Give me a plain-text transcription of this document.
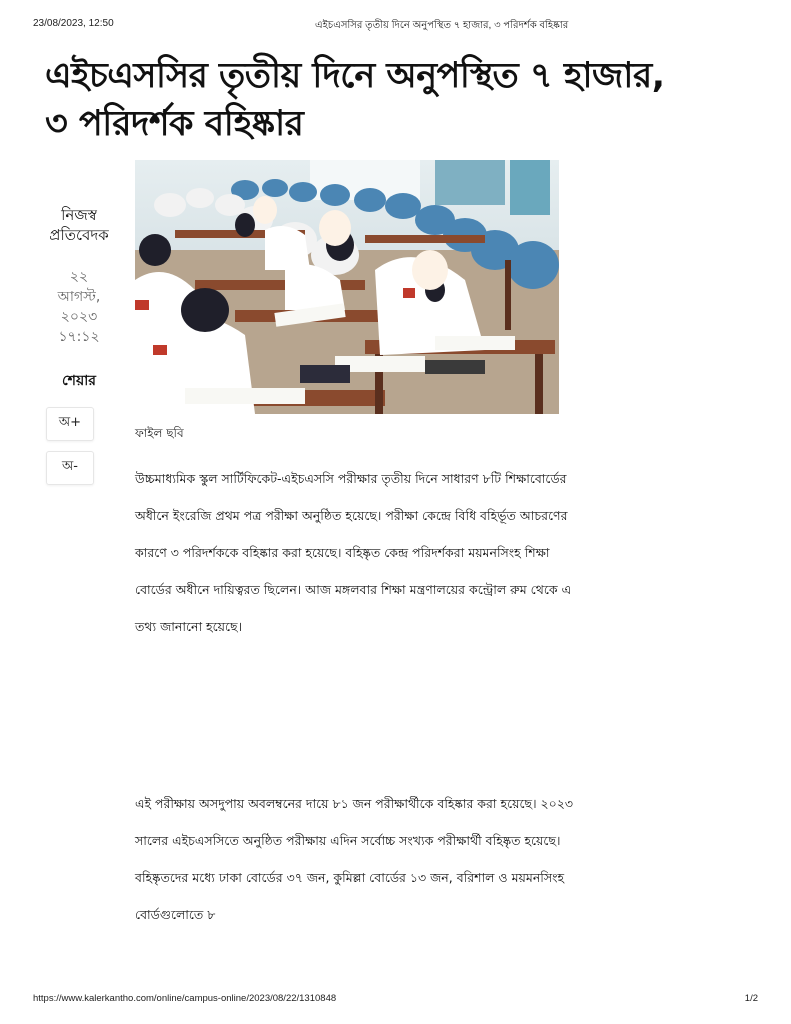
23/08/2023, 12:50	এইচএসসির তৃতীয় দিনে অনুপস্থিত ৭ হাজার, ৩ পরিদর্শক বহিষ্কার
এইচএসসির তৃতীয় দিনে অনুপস্থিত ৭ হাজার, ৩ পরিদর্শক বহিষ্কার
নিজস্ব প্রতিবেদক
২২
আগস্ট,
২০২৩
১৭:১২
শেয়ার
অ+
অ-
ফাইল ছবি

উচ্চমাধ্যমিক স্কুল সার্টিফিকেট-এইচএসসি পরীক্ষার তৃতীয় দিনে সাধারণ ৮টি শিক্ষাবোর্ডের অধীনে ইংরেজি প্রথম পত্র পরীক্ষা অনুষ্ঠিত হয়েছে। পরীক্ষা কেন্দ্রে বিধি বহির্ভূত আচরণের কারণে ৩ পরিদর্শককে বহিষ্কার করা হয়েছে। বহিষ্কৃত কেন্দ্র পরিদর্শকরা ময়মনসিংহ শিক্ষা বোর্ডের অধীনে দায়িত্বরত ছিলেন। আজ মঙ্গলবার শিক্ষা মন্ত্রণালয়ের কন্ট্রোল রুম থেকে এ তথ্য জানানো হয়েছে।

এই পরীক্ষায় অসদুপায় অবলম্বনের দায়ে ৮১ জন পরীক্ষার্থীকে বহিষ্কার করা হয়েছে। ২০২৩ সালের এইচএসসিতে অনুষ্ঠিত পরীক্ষায় এদিন সর্বোচ্চ সংখ্যক পরীক্ষার্থী বহিষ্কৃত হয়েছে। বহিষ্কৃতদের মধ্যে ঢাকা বোর্ডের ৩৭ জন, কুমিল্লা বোর্ডের ১৩ জন, বরিশাল ও ময়মনসিংহ বোর্ডগুলোতে ৮

https://www.kalerkantho.com/online/campus-online/2023/08/22/1310848	1/2
